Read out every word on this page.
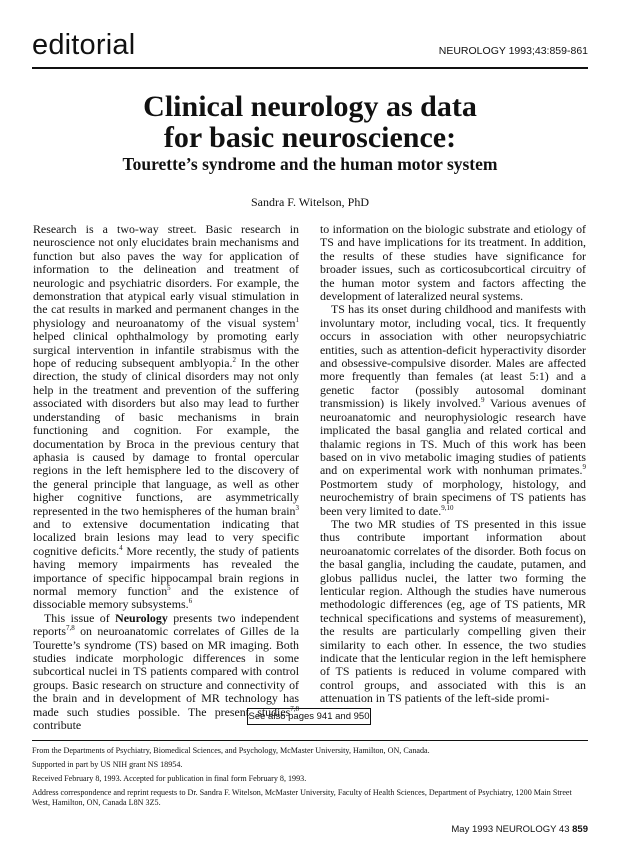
editorial	NEUROLOGY 1993;43:859-861
Clinical neurology as data
for basic neuroscience:
Tourette’s syndrome and the human motor system
Sandra F. Witelson, PhD

Research is a two-way street. Basic research in neuroscience not only elucidates brain mechanisms and function but also paves the way for application of information to the delineation and treatment of neurologic and psychiatric disorders. For example, the demonstration that atypical early visual stimulation in the cat results in marked and permanent changes in the physiology and neuroanatomy of the visual system$^1$ helped clinical ophthalmology by promoting early surgical intervention in infantile strabismus with the hope of reducing subsequent amblyopia.$^2$ In the other direction, the study of clinical disorders may not only help in the treatment and prevention of the suffering associated with disorders but also may lead to further understanding of basic mechanisms in brain functioning and cognition. For example, the documentation by Broca in the previous century that aphasia is caused by damage to frontal opercular regions in the left hemisphere led to the discovery of the general principle that language, as well as other higher cognitive functions, are asymmetrically represented in the two hemispheres of the human brain$^3$ and to extensive documentation indicating that localized brain lesions may lead to very specific cognitive deficits.$^4$ More recently, the study of patients having memory impairments has revealed the importance of specific hippocampal brain regions in normal memory function$^5$ and the existence of dissociable memory subsystems.$^6$

This issue of Neurology presents two independent reports$^{7,8}$ on neuroanatomic correlates of Gilles de la Tourette’s syndrome (TS) based on MR imaging. Both studies indicate morphologic differences in some subcortical nuclei in TS patients compared with control groups. Basic research on structure and connectivity of the brain and in development of MR technology has made such studies possible. The present studies$^{7,8}$ contribute

to information on the biologic substrate and etiology of TS and have implications for its treatment. In addition, the results of these studies have significance for broader issues, such as corticosubcortical circuitry of the human motor system and factors affecting the development of lateralized neural systems.

TS has its onset during childhood and manifests with involuntary motor, including vocal, tics. It frequently occurs in association with other neuropsychiatric entities, such as attention-deficit hyperactivity disorder and obsessive-compulsive disorder. Males are affected more frequently than females (at least 5:1) and a genetic factor (possibly autosomal dominant transmission) is likely involved.$^9$ Various avenues of neuroanatomic and neurophysiologic research have implicated the basal ganglia and related cortical and thalamic regions in TS. Much of this work has been based on in vivo metabolic imaging studies of patients and on experimental work with nonhuman primates.$^9$ Postmortem study of morphology, histology, and neurochemistry of brain specimens of TS patients has been very limited to date.$^{9,10}$

The two MR studies of TS presented in this issue thus contribute important information about neuroanatomic correlates of the disorder. Both focus on the basal ganglia, including the caudate, putamen, and globus pallidus nuclei, the latter two forming the lenticular region. Although the studies have numerous methodologic differences (eg, age of TS patients, MR technical specifications and systems of measurement), the results are particularly compelling given their similarity to each other. In essence, the two studies indicate that the lenticular region in the left hemisphere of TS patients is reduced in volume compared with control groups, and associated with this is an attenuation in TS patients of the left-side promi-

See also pages 941 and 950
From the Departments of Psychiatry, Biomedical Sciences, and Psychology, McMaster University, Hamilton, ON, Canada.
Supported in part by US NIH grant NS 18954.
Received February 8, 1993. Accepted for publication in final form February 8, 1993.
Address correspondence and reprint requests to Dr. Sandra F. Witelson, McMaster University, Faculty of Health Sciences, Department of Psychiatry, 1200 Main Street West, Hamilton, ON, Canada L8N 3Z5.
May 1993 NEUROLOGY 43 859
